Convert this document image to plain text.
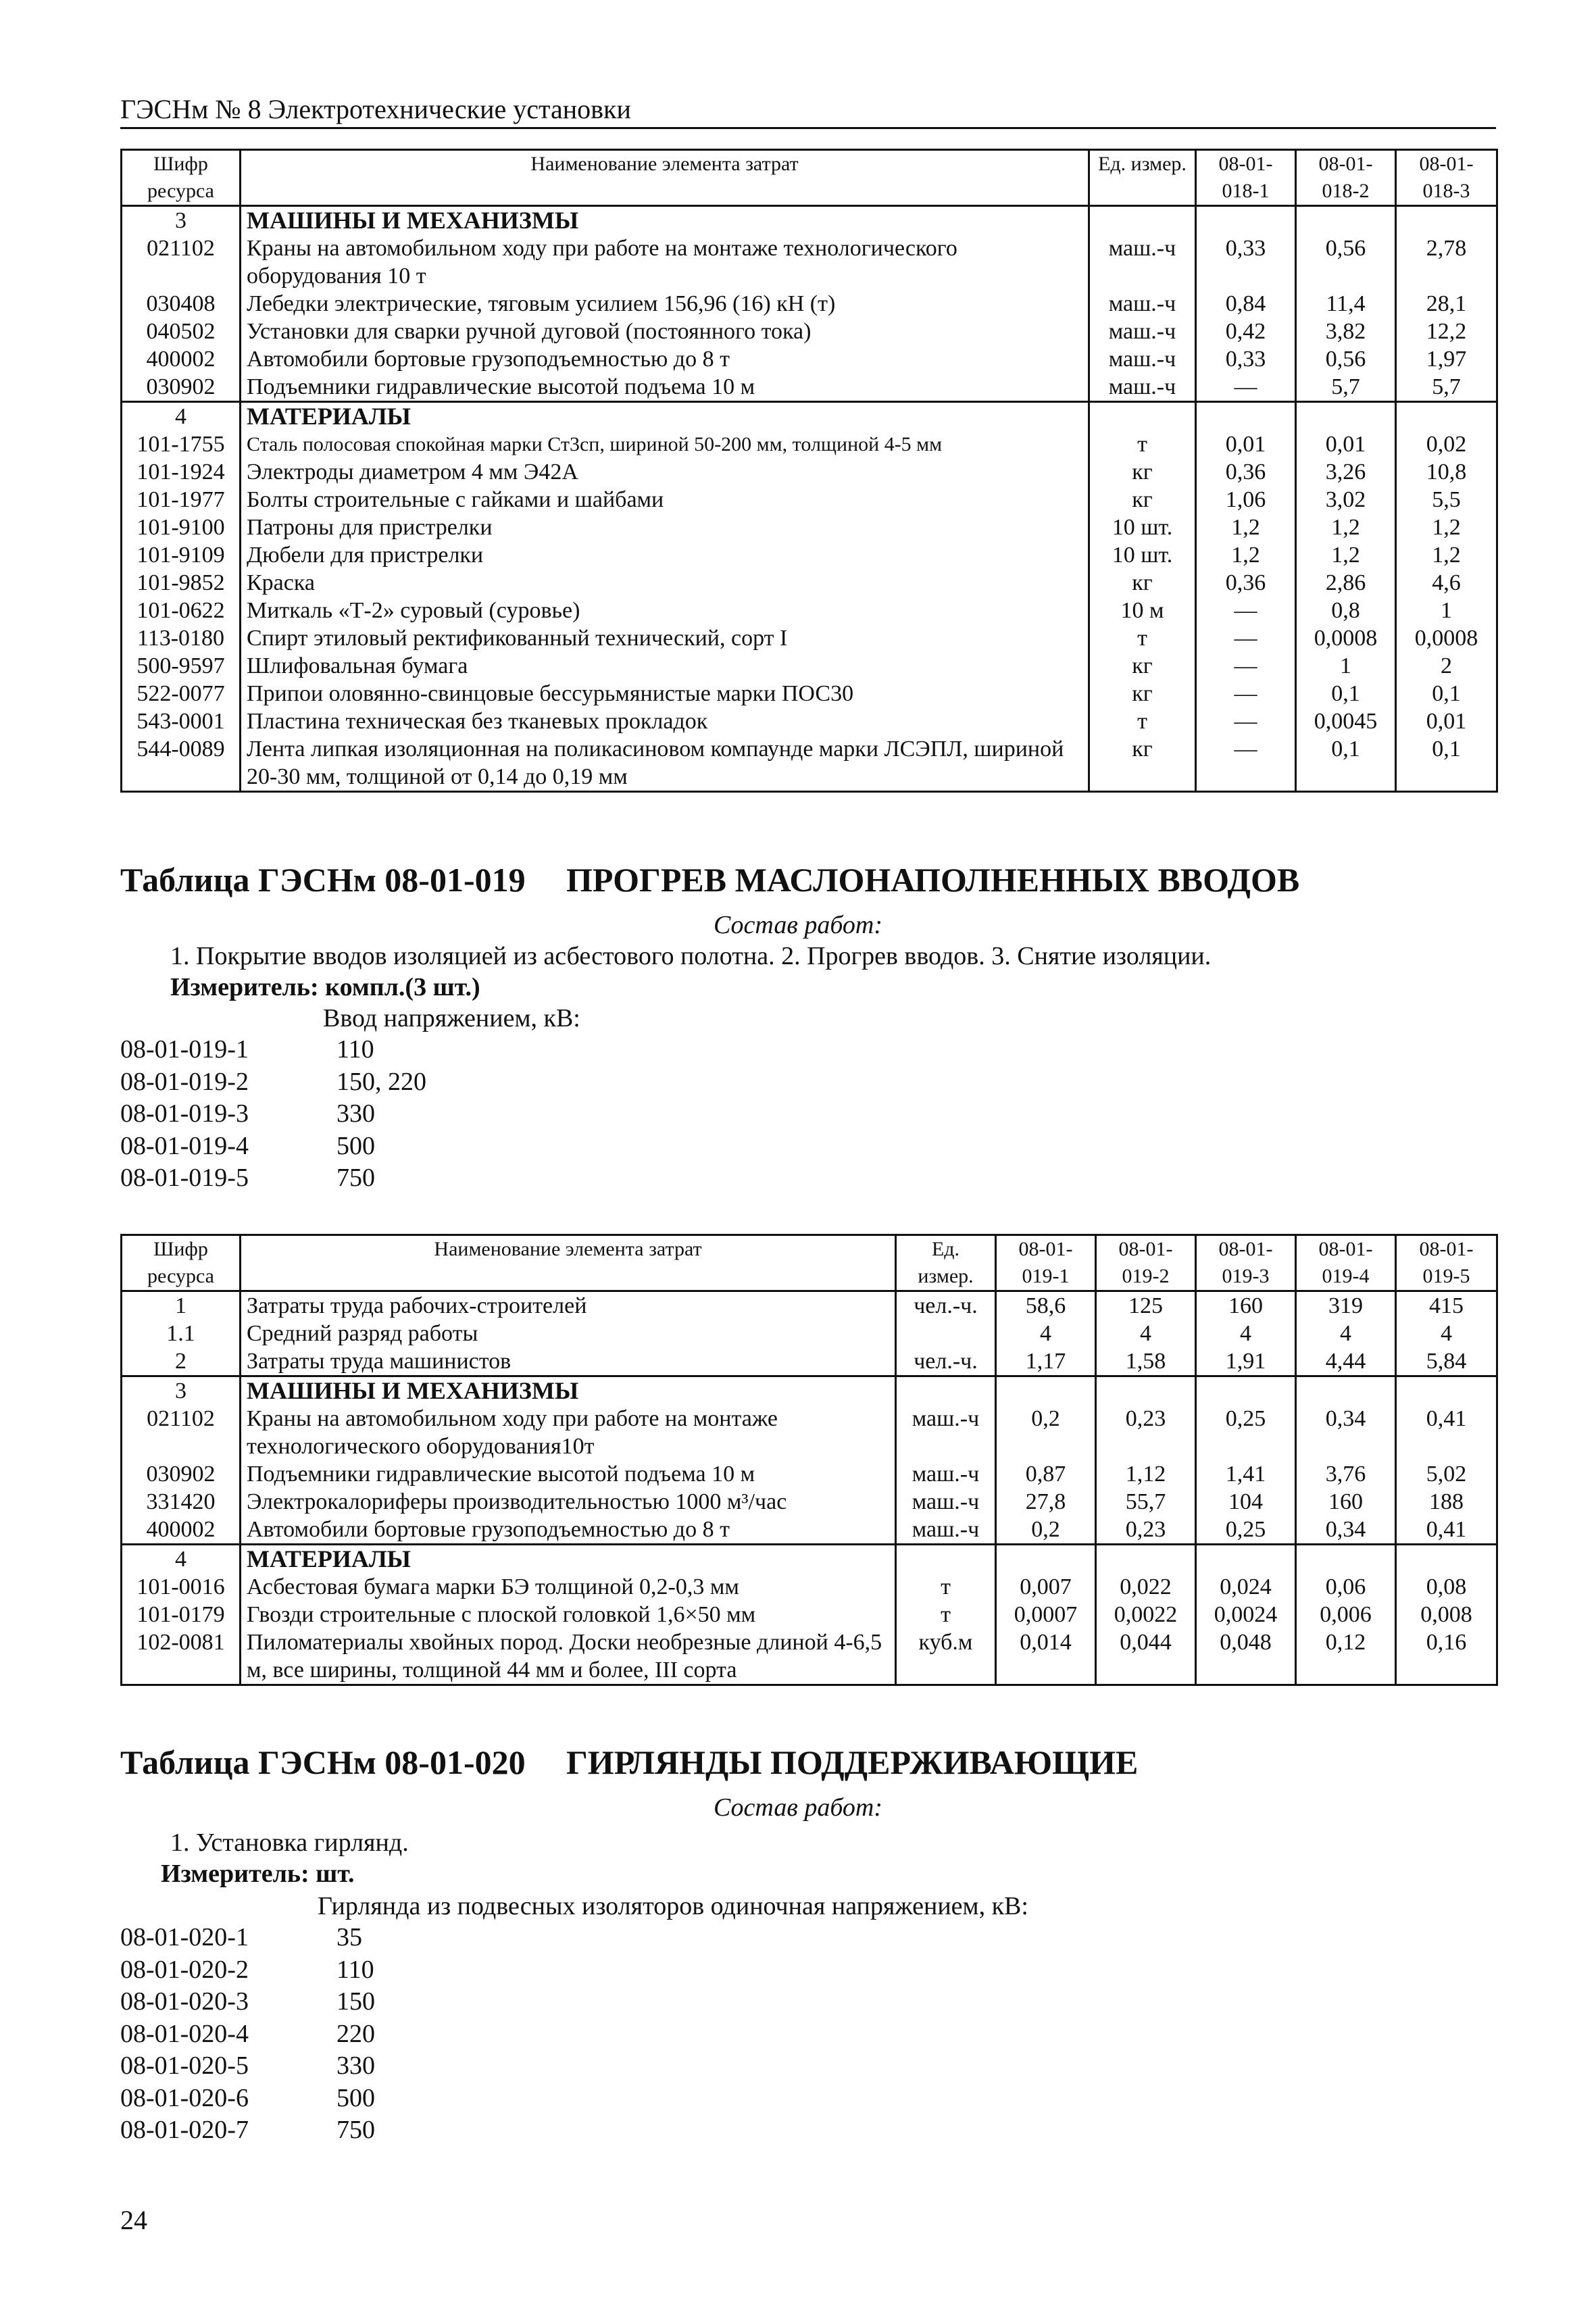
ГЭСНм № 8 Электротехнические установки
Шифр ресурса	Наименование элемента затрат	Ед. измер.	08-01-018-1	08-01-018-2	08-01-018-3
3	МАШИНЫ И МЕХАНИЗМЫ				
021102	Краны на автомобильном ходу при работе на монтаже технологического оборудования 10 т	маш.-ч	0,33	0,56	2,78
030408	Лебедки электрические, тяговым усилием 156,96 (16) кН (т)	маш.-ч	0,84	11,4	28,1
040502	Установки для сварки ручной дуговой (постоянного тока)	маш.-ч	0,42	3,82	12,2
400002	Автомобили бортовые грузоподъемностью до 8 т	маш.-ч	0,33	0,56	1,97
030902	Подъемники гидравлические высотой подъема 10 м	маш.-ч	—	5,7	5,7
4	МАТЕРИАЛЫ				
101-1755	Сталь полосовая спокойная марки Ст3сп, шириной 50-200 мм, толщиной 4-5 мм	т	0,01	0,01	0,02
101-1924	Электроды диаметром 4 мм Э42А	кг	0,36	3,26	10,8
101-1977	Болты строительные с гайками и шайбами	кг	1,06	3,02	5,5
101-9100	Патроны для пристрелки	10 шт.	1,2	1,2	1,2
101-9109	Дюбели для пристрелки	10 шт.	1,2	1,2	1,2
101-9852	Краска	кг	0,36	2,86	4,6
101-0622	Миткаль «Т-2» суровый (суровье)	10 м	—	0,8	1
113-0180	Спирт этиловый ректификованный технический, сорт I	т	—	0,0008	0,0008
500-9597	Шлифовальная бумага	кг	—	1	2
522-0077	Припои оловянно-свинцовые бессурьмянистые марки ПОС30	кг	—	0,1	0,1
543-0001	Пластина техническая без тканевых прокладок	т	—	0,0045	0,01
544-0089	Лента липкая изоляционная на поликасиновом компаунде марки ЛСЭПЛ, шириной 20-30 мм, толщиной от 0,14 до 0,19 мм	кг	—	0,1	0,1
Таблица ГЭСНм 08-01-019 ПРОГРЕВ МАСЛОНАПОЛНЕННЫХ ВВОДОВ
Состав работ:
1. Покрытие вводов изоляцией из асбестового полотна. 2. Прогрев вводов. 3. Снятие изоляции.
Измеритель: компл.(3 шт.)
Ввод напряжением, кВ:
08-01-019-1	110
08-01-019-2	150, 220
08-01-019-3	330
08-01-019-4	500
08-01-019-5	750
Шифр ресурса	Наименование элемента затрат	Ед. измер.	08-01-019-1	08-01-019-2	08-01-019-3	08-01-019-4	08-01-019-5
1	Затраты труда рабочих-строителей	чел.-ч.	58,6	125	160	319	415
1.1	Средний разряд работы		4	4	4	4	4
2	Затраты труда машинистов	чел.-ч.	1,17	1,58	1,91	4,44	5,84
3	МАШИНЫ И МЕХАНИЗМЫ						
021102	Краны на автомобильном ходу при работе на монтаже технологического оборудования10т	маш.-ч	0,2	0,23	0,25	0,34	0,41
030902	Подъемники гидравлические высотой подъема 10 м	маш.-ч	0,87	1,12	1,41	3,76	5,02
331420	Электрокалориферы производительностью 1000 м³/час	маш.-ч	27,8	55,7	104	160	188
400002	Автомобили бортовые грузоподъемностью до 8 т	маш.-ч	0,2	0,23	0,25	0,34	0,41
4	МАТЕРИАЛЫ						
101-0016	Асбестовая бумага марки БЭ толщиной 0,2-0,3 мм	т	0,007	0,022	0,024	0,06	0,08
101-0179	Гвозди строительные с плоской головкой 1,6×50 мм	т	0,0007	0,0022	0,0024	0,006	0,008
102-0081	Пиломатериалы хвойных пород. Доски необрезные длиной 4-6,5 м, все ширины, толщиной 44 мм и более, III сорта	куб.м	0,014	0,044	0,048	0,12	0,16
Таблица ГЭСНм 08-01-020 ГИРЛЯНДЫ ПОДДЕРЖИВАЮЩИЕ
Состав работ:
1. Установка гирлянд.
Измеритель: шт.
Гирлянда из подвесных изоляторов одиночная напряжением, кВ:
08-01-020-1	35
08-01-020-2	110
08-01-020-3	150
08-01-020-4	220
08-01-020-5	330
08-01-020-6	500
08-01-020-7	750
24
